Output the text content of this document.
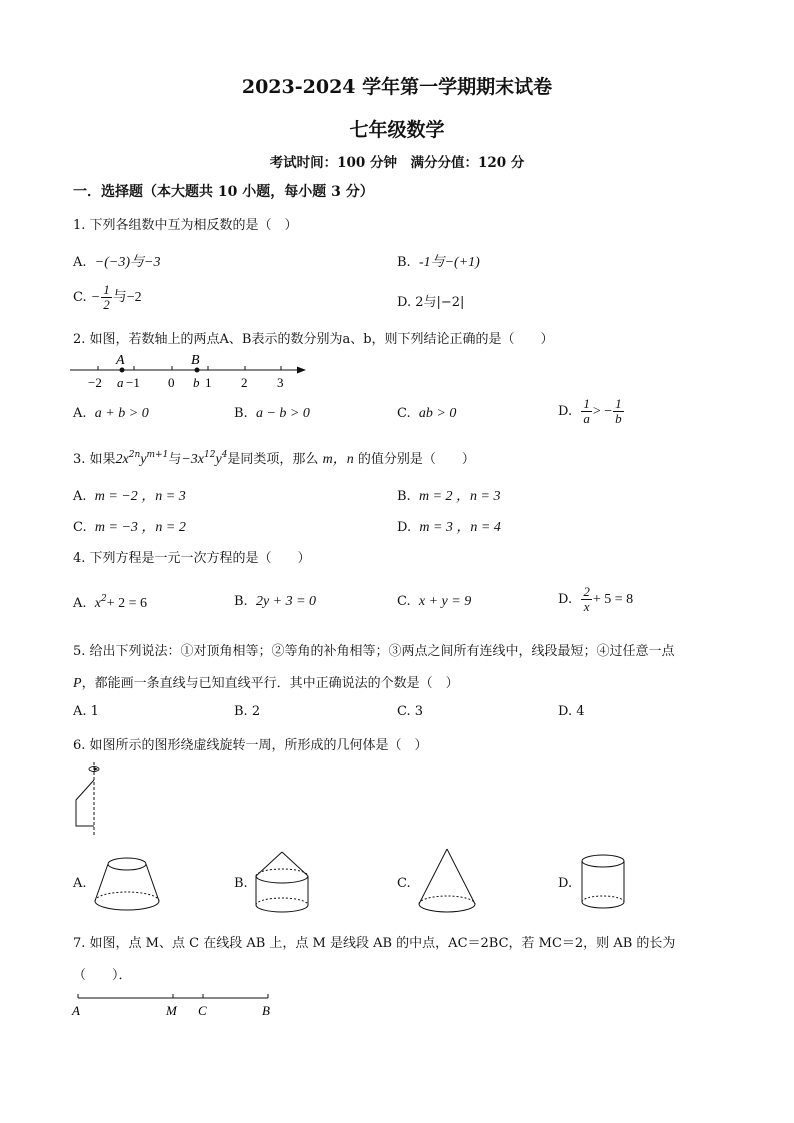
2023-2024 学年第一学期期末试卷
七年级数学
考试时间：100 分钟　满分分值：120 分
一．选择题（本大题共 10 小题，每小题 3 分）
1. 下列各组数中互为相反数的是（　）
A. −(−3)与−3	B. -1与−(+1)
C. − $\frac{1}{2}$ 与−2	D. 2与|−2|
2. 如图，若数轴上的两点A、B表示的数分别为a、b，则下列结论正确的是（　　）
A	B
−2 a −1 0 b 1 2 3
A. a + b > 0	B. a − b > 0	C. ab > 0	D. $\frac{1}{a}$ > − $\frac{1}{b}$
3. 如果$2x^{2n}y^{m+1}$与$-3x^{12}y^4$是同类项，那么 m，n 的值分别是（　　）
A. m = −2 ，n = 3	B. m = 2 ，n = 3
C. m = −3 ，n = 2	D. m = 3 ，n = 4
4. 下列方程是一元一次方程的是（　　）
A. $x^2+ 2 = 6$	B. 2y + 3 = 0	C. x + y = 9	D. $\frac{2}{x} + 5 = 8$
5. 给出下列说法：①对顶角相等；②等角的补角相等；③两点之间所有连线中，线段最短；④过任意一点
P，都能画一条直线与已知直线平行．其中正确说法的个数是（　）
A. 1	B. 2	C. 3	D. 4
6. 如图所示的图形绕虚线旋转一周，所形成的几何体是（　）
A.	B.	C.	D.
7. 如图，点 M、点 C 在线段 AB 上，点 M 是线段 AB 的中点，AC＝2BC，若 MC＝2，则 AB 的长为
（　　）．
A	M C	B
